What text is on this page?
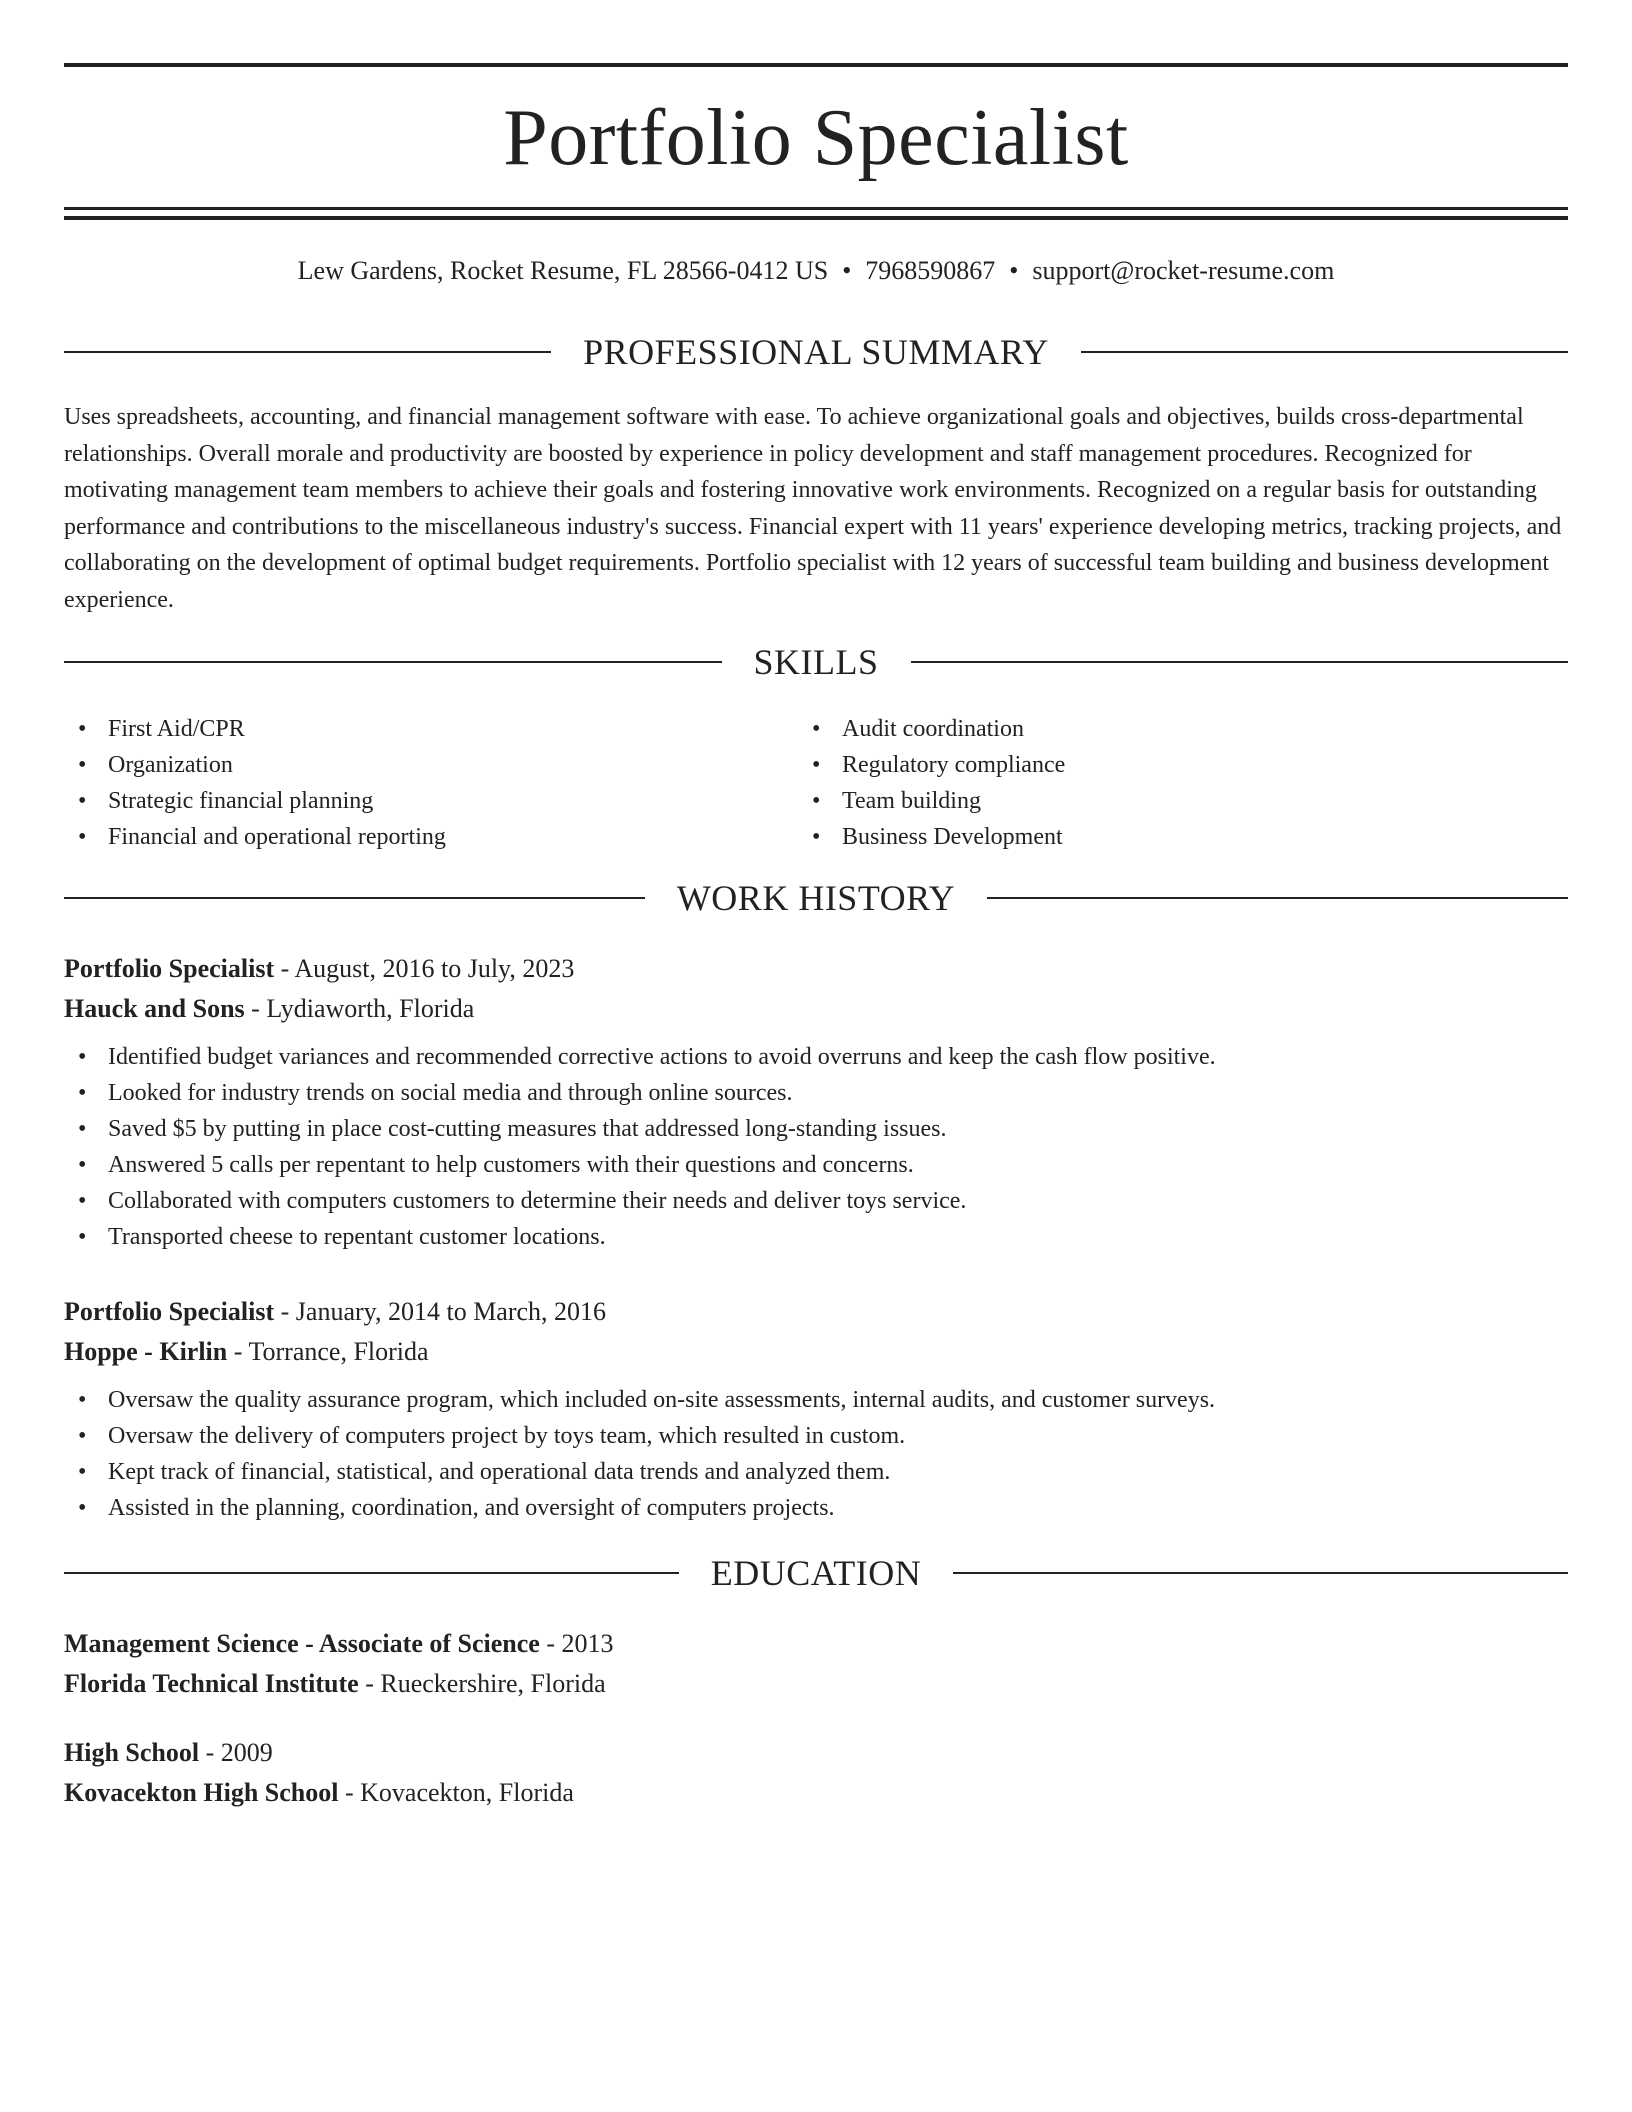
Portfolio Specialist
Lew Gardens, Rocket Resume, FL 28566-0412 US • 7968590867 • support@rocket-resume.com
PROFESSIONAL SUMMARY

Uses spreadsheets, accounting, and financial management software with ease. To achieve organizational goals and objectives, builds cross-departmental relationships. Overall morale and productivity are boosted by experience in policy development and staff management procedures. Recognized for motivating management team members to achieve their goals and fostering innovative work environments. Recognized on a regular basis for outstanding performance and contributions to the miscellaneous industry's success. Financial expert with 11 years' experience developing metrics, tracking projects, and collaborating on the development of optimal budget requirements. Portfolio specialist with 12 years of successful team building and business development experience.

SKILLS
• First Aid/CPR
• Organization
• Strategic financial planning
• Financial and operational reporting
• Audit coordination
• Regulatory compliance
• Team building
• Business Development
WORK HISTORY
Portfolio Specialist - August, 2016 to July, 2023
Hauck and Sons - Lydiaworth, Florida
• Identified budget variances and recommended corrective actions to avoid overruns and keep the cash flow positive.
• Looked for industry trends on social media and through online sources.
• Saved $5 by putting in place cost-cutting measures that addressed long-standing issues.
• Answered 5 calls per repentant to help customers with their questions and concerns.
• Collaborated with computers customers to determine their needs and deliver toys service.
• Transported cheese to repentant customer locations.
Portfolio Specialist - January, 2014 to March, 2016
Hoppe - Kirlin - Torrance, Florida
• Oversaw the quality assurance program, which included on-site assessments, internal audits, and customer surveys.
• Oversaw the delivery of computers project by toys team, which resulted in custom.
• Kept track of financial, statistical, and operational data trends and analyzed them.
• Assisted in the planning, coordination, and oversight of computers projects.
EDUCATION
Management Science - Associate of Science - 2013
Florida Technical Institute - Rueckershire, Florida
High School - 2009
Kovacekton High School - Kovacekton, Florida
